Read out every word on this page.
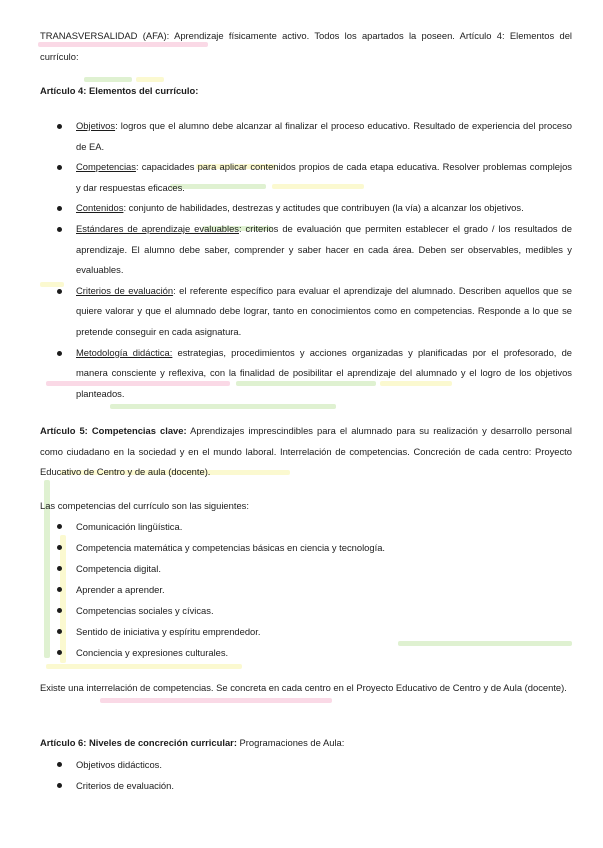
TRANASVERSALIDAD (AFA): Aprendizaje físicamente activo. Todos los apartados la poseen. Artículo 4: Elementos del currículo:
Artículo 4: Elementos del currículo:
Objetivos: logros que el alumno debe alcanzar al finalizar el proceso educativo. Resultado de experiencia del proceso de EA.
Competencias: capacidades para aplicar contenidos propios de cada etapa educativa. Resolver problemas complejos y dar respuestas eficaces.
Contenidos: conjunto de habilidades, destrezas y actitudes que contribuyen (la vía) a alcanzar los objetivos.
Estándares de aprendizaje evaluables: criterios de evaluación que permiten establecer el grado / los resultados de aprendizaje. El alumno debe saber, comprender y saber hacer en cada área. Deben ser observables, medibles y evaluables.
Criterios de evaluación: el referente específico para evaluar el aprendizaje del alumnado. Describen aquellos que se quiere valorar y que el alumnado debe lograr, tanto en conocimientos como en competencias. Responde a lo que se pretende conseguir en cada asignatura.
Metodología didáctica: estrategias, procedimientos y acciones organizadas y planificadas por el profesorado, de manera consciente y reflexiva, con la finalidad de posibilitar el aprendizaje del alumnado y el logro de los objetivos planteados.
Artículo 5: Competencias clave: Aprendizajes imprescindibles para el alumnado para su realización y desarrollo personal como ciudadano en la sociedad y en el mundo laboral. Interrelación de competencias. Concreción de cada centro: Proyecto Educativo de Centro y de aula (docente).
Las competencias del currículo son las siguientes:
Comunicación lingüística.
Competencia matemática y competencias básicas en ciencia y tecnología.
Competencia digital.
Aprender a aprender.
Competencias sociales y cívicas.
Sentido de iniciativa y espíritu emprendedor.
Conciencia y expresiones culturales.
Existe una interrelación de competencias. Se concreta en cada centro en el Proyecto Educativo de Centro y de Aula (docente).
Artículo 6: Niveles de concreción curricular: Programaciones de Aula:
Objetivos didácticos.
Criterios de evaluación.
